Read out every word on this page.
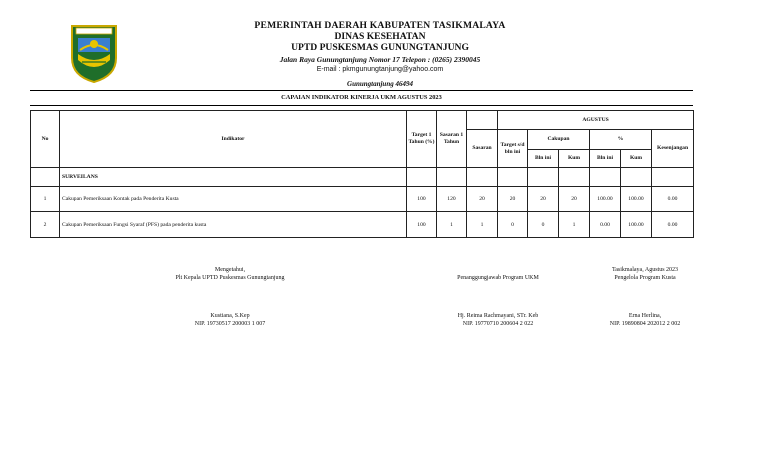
PEMERINTAH DAERAH KABUPATEN TASIKMALAYA
DINAS KESEHATAN
UPTD PUSKESMAS GUNUNGTANJUNG
Jalan Raya Gunungtanjung Nomor 17 Telepon : (0265) 2390045
E-mail : pkmgunungtanjung@yahoo.com
Gunungtanjung 46494
CAPAIAN INDIKATOR KINERJA UKM AGUSTUS 2023
No	Indikator	Target 1 Tahun (%)	Sasaran 1 Tahun		AGUSTUS					
				Sasaran	Target s/d bln ini	Cakupan		%		Kesenjangan
						Bln ini	Kum	Bln ini	Kum	
	SURVEILANS									
1	Cakupan Pemeriksaan Kontak pada Penderita Kusta	100	120	20	20	20	20	100.00	100.00	0.00
2	Cakupan Pemeriksaan Fungsi Syaraf (PFS) pada penderita kusta	100	1	1	0	0	1	0.00	100.00	0.00
Mengetahui,
Plt Kepala UPTD Puskesmas Gunungtanjung
Kustiana, S.Kep
NIP. 19730517 200003 1 007
Penanggungjawab Program UKM
Hj. Reima Rachmayani, STr. Keb
NIP. 19770710 200604 2 022
Tasikmalaya, Agustus 2023
Pengelola Program Kusta
Erna Herlina,
NIP. 19890804 202012 2 002
